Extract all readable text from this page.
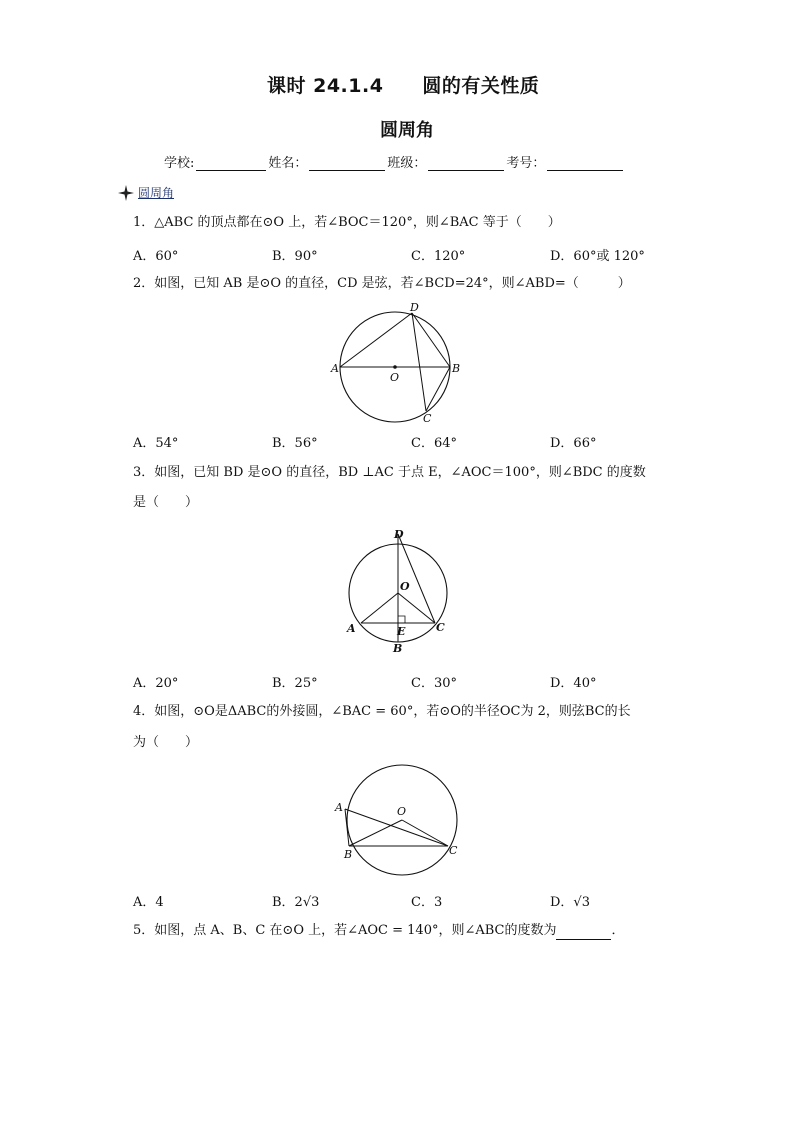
课时 24.1.4　　圆的有关性质
圆周角
学校:	姓名：	班级：	考号：
圆周角
1．△ABC 的顶点都在⊙O 上，若∠BOC＝120°，则∠BAC 等于（　　）
A．60°	B．90°	C．120°	D．60°或 120°
2．如图，已知 AB 是⊙O 的直径，CD 是弦，若∠BCD=24°，则∠ABD=（　　　）
A
O
B
D
C
A．54°	B．56°	C．64°	D．66°
3．如图，已知 BD 是⊙O 的直径，BD ⊥AC 于点 E，∠AOC＝100°，则∠BDC 的度数
是（　　）
D
O
A	E	C
B
A．20°	B．25°	C．30°	D．40°
4．如图，⊙O是ΔABC的外接圆，∠BAC = 60°，若⊙O的半径OC为 2，则弦BC的长
为（　　）
A	O
B	C
A．4	B．2√3	C．3	D．√3
5．如图，点 A、B、C 在⊙O 上，若∠AOC = 140°，则∠ABC的度数为	．
